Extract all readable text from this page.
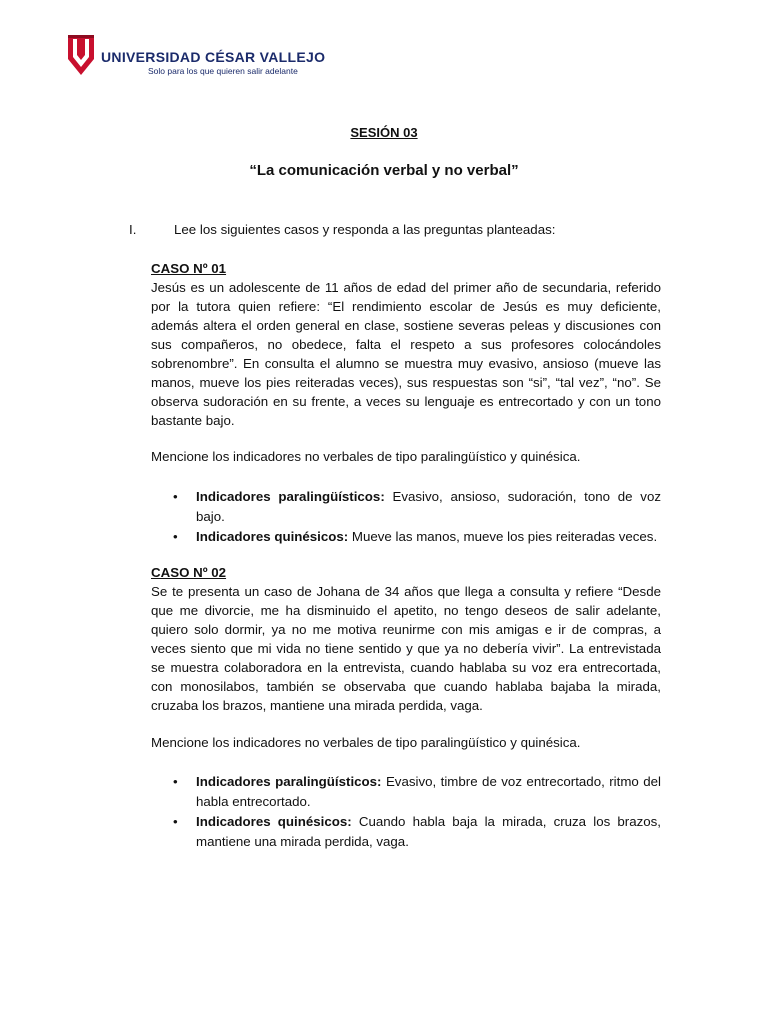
UNIVERSIDAD CÉSAR VALLEJO
Solo para los que quieren salir adelante
SESIÓN 03
“La comunicación verbal y no verbal”
I.	Lee los siguientes casos y responda a las preguntas planteadas:
CASO Nº 01
Jesús es un adolescente de 11 años de edad del primer año de secundaria, referido por la tutora quien refiere: “El rendimiento escolar de Jesús es muy deficiente, además altera el orden general en clase, sostiene severas peleas y discusiones con sus compañeros, no obedece, falta el respeto a sus profesores colocándoles sobrenombre”. En consulta el alumno se muestra muy evasivo, ansioso (mueve las manos, mueve los pies reiteradas veces), sus respuestas son “si”, “tal vez”, “no”. Se observa sudoración en su frente, a veces su lenguaje es entrecortado y con un tono bastante bajo.
Mencione los indicadores no verbales de tipo paralingüístico y quinésica.
• Indicadores paralingüísticos: Evasivo, ansioso, sudoración, tono de voz bajo.
• Indicadores quinésicos: Mueve las manos, mueve los pies reiteradas veces.
CASO Nº 02
Se te presenta un caso de Johana de 34 años que llega a consulta y refiere “Desde que me divorcie, me ha disminuido el apetito, no tengo deseos de salir adelante, quiero solo dormir, ya no me motiva reunirme con mis amigas e ir de compras, a veces siento que mi vida no tiene sentido y que ya no debería vivir”. La entrevistada se muestra colaboradora en la entrevista, cuando hablaba su voz era entrecortada, con monosilabos, también se observaba que cuando hablaba bajaba la mirada, cruzaba los brazos, mantiene una mirada perdida, vaga.
Mencione los indicadores no verbales de tipo paralingüístico y quinésica.
• Indicadores paralingüísticos: Evasivo, timbre de voz entrecortado, ritmo del habla entrecortado.
• Indicadores quinésicos: Cuando habla baja la mirada, cruza los brazos, mantiene una mirada perdida, vaga.
